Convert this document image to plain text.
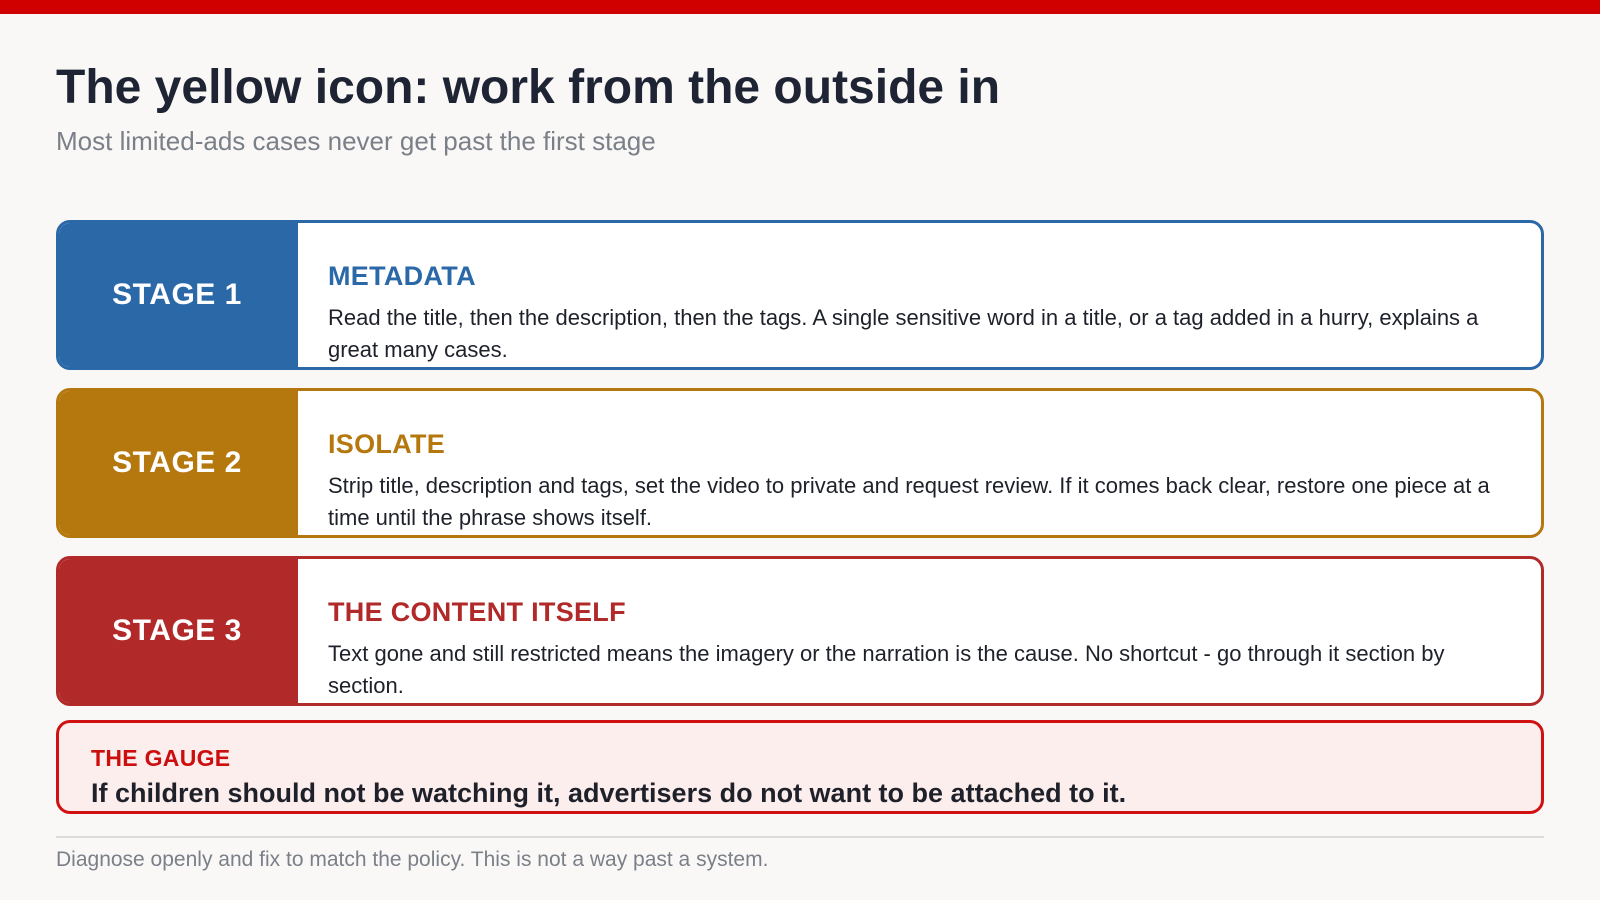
The yellow icon: work from the outside in
Most limited-ads cases never get past the first stage
STAGE 1
METADATA
Read the title, then the description, then the tags. A single sensitive word in a title, or a tag added in a hurry, explains a great many cases.
STAGE 2
ISOLATE
Strip title, description and tags, set the video to private and request review. If it comes back clear, restore one piece at a time until the phrase shows itself.
STAGE 3
THE CONTENT ITSELF
Text gone and still restricted means the imagery or the narration is the cause. No shortcut - go through it section by section.
THE GAUGE
If children should not be watching it, advertisers do not want to be attached to it.
Diagnose openly and fix to match the policy. This is not a way past a system.
